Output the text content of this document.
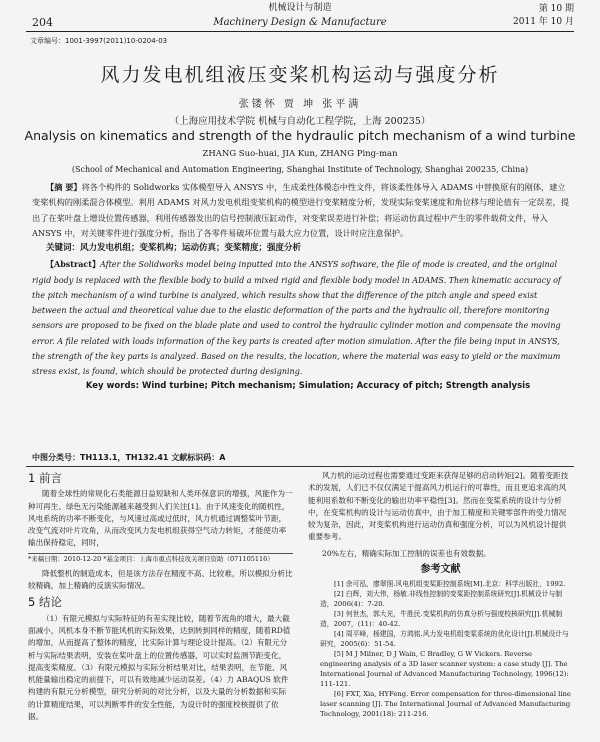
机械设计与制造
204	Machinery Design & Manufacture
第 10 期
2011 年 10 月
文章编号：1001-3997(2011)10-0204-03
风力发电机组液压变桨机构运动与强度分析
张镂怀 贾 坤 张平满
（上海应用技术学院 机械与自动化工程学院，上海 200235）
Analysis on kinematics and strength of the hydraulic pitch mechanism of a wind turbine
ZHANG Suo-huai, JIA Kun, ZHANG Ping-man
(School of Mechanical and Automation Engineering, Shanghai Institute of Technology, Shanghai 200235, China)

【摘 要】将各个构件的 Solidworks 实体模型导入 ANSYS 中，生成柔性体模态中性文件，将该柔性体导入 ADAMS 中替换原有的刚体，建立变桨机构的刚柔混合体模型。利用 ADAMS 对风力发电机组变桨机构的模型进行变桨精度分析，发现实际变桨速度和角位移与理论值有一定误差，提出了在桨叶盘上增设位置传感器，利用传感器发出的信号控制液压缸动作，对变桨误差进行补偿；将运动仿真过程中产生的零件载荷文件，导入 ANSYS 中，对关键零件进行强度分析，指出了各零件易破坏位置与最大应力位置，设计时应注意保护。

关键词：风力发电机组；变桨机构；运动仿真；变桨精度；强度分析

【Abstract】After the Solidworks model being inputted into the ANSYS software, the file of mode is created, and the original rigid body is replaced with the flexible body to build a mixed rigid and flexible body model in ADAMS. Then kinematic accuracy of the pitch mechanism of a wind turbine is analyzed, which results show that the difference of the pitch angle and speed exist between the actual and theoretical value due to the elastic deformation of the parts and the hydraulic oil, therefore monitoring sensors are proposed to be fixed on the blade plate and used to control the hydraulic cylinder motion and compensate the moving error. A file related with loads information of the key parts is created after motion simulation. After the file being input in ANSYS, the strength of the key parts is analyzed. Based on the results, the location, where the material was easy to yield or the maximum stress exist, is found, which should be protected during designing.

Key words: Wind turbine; Pitch mechanism; Simulation; Accuracy of pitch; Strength analysis

中图分类号：TH113.1，TH132.41 文献标识码：A
1 前言

随着全球性的常规化石类能源日益短缺和人类环保意识的增强，风能作为一种可再生、绿色无污染能源越来越受到人们关注[1]。由于风速变化的随机性，风电系统的功率不断变化，与风速过高或过低时，风力机通过调整桨叶节距，改变气流对叶片攻角，从而改变风力发电机组获得空气动力转矩，才能使功率输出保持稳定，同时，

*来稿日期：2010-12-20 *基金项目：上海市重点科技攻关项目资助（071105116）

降低整机的制造成本，但是该方法存在精度不高、比较难，所以模拟分析比较精确，加上精确的反演实际情况。

5 结论

（1）有限元模拟与实际特征的有差实现比较，随着节流角的增大，最大截面减小，风机本身不断节能风机的实际效果，达到转到同样的精度，随着RD值的增加，从而提高了整体的精度，比实际计算与理论设计提高。（2）有限元分析与实际结果表明，安装在桨叶盘上的位置传感器，可以实时监测节距变化，提高变桨精度。（3）有限元模拟与实际分析结果对比，结果表明，在节能、风机能量输出稳定的前提下，可以有效地减少运动误差。（4）力 ABAQUS 软件构建的有限元分析模型，研究分析间的对比分析，以及大量的分析数据和实际的计算精度结果，可以判断零件的安全性能，为设计时的强度校核提供了依据。

风力机的运动过程也需要通过变距来获得足够的启动转矩[2]。随着变距技术的发展，人们已不仅仅满足于提高风力机运行的可靠性，而且更追求高的风能利用系数和不断变化的输出功率平稳性[3]。然而在变桨系统的设计与分析中，在变桨机构的设计与运动仿真中，由于加工精度和关键零部件的受力情况较为复杂，因此，对变桨机构进行运动仿真和强度分析，可以为风机设计提供重要参考。

20%左右，精确实际加工控制的误差也有效数据。

参考文献

[1] 余可泓，廖翠照.风电机组变桨距控制系统[M].北京：科学出版社，1992.

[2] 白辉，刘大伟，杨敏.非线性控制的变桨距控制系统研究[J].机械设计与制造，2006(4)：7-20.

[3] 何世杰，郭大光，牛胜民.变桨机构的仿真分析与强度校核研究[J].机械制造，2007，(11)：40-42.

[4] 周平峰，杨建国，方鸿铭.风力发电机组变桨系统的优化设计[J].机械设计与研究，2005(6)：51-54.

[5] M J Milner, D J Wain, C Bradley, G W Vickers. Reverse engineering analysis of a 3D laser scanner system: a case study [J]. The International Journal of Advanced Manufacturing Technology, 1996(12): 111-121.

[6] FXT, Xia, HYFeng. Error compensation for three-dimensional line laser scanning [J]. The International Journal of Advanced Manufacturing Technology, 2001(18): 211-216.
